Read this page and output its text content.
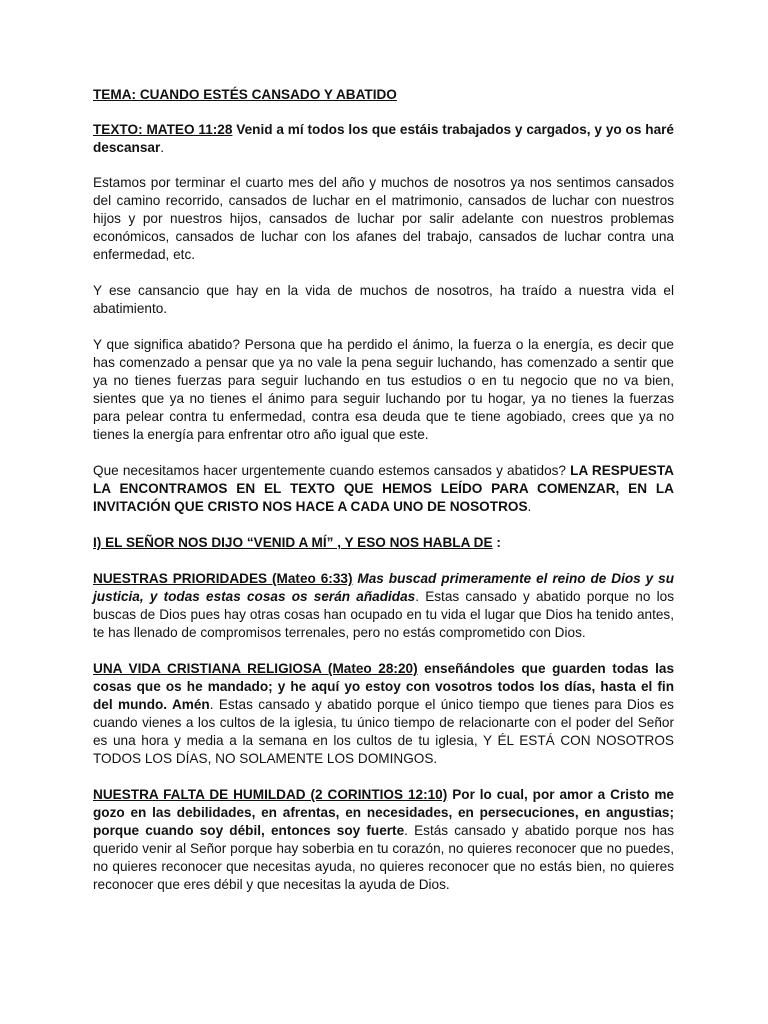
TEMA: CUANDO ESTÉS CANSADO Y ABATIDO

TEXTO: MATEO 11:28 Venid a mí todos los que estáis trabajados y cargados, y yo os haré descansar.

Estamos por terminar el cuarto mes del año y muchos de nosotros ya nos sentimos cansados del camino recorrido, cansados de luchar en el matrimonio, cansados de luchar con nuestros hijos y por nuestros hijos, cansados de luchar por salir adelante con nuestros problemas económicos, cansados de luchar con los afanes del trabajo, cansados de luchar contra una enfermedad, etc.

Y ese cansancio que hay en la vida de muchos de nosotros, ha traído a nuestra vida el abatimiento.

Y que significa abatido? Persona que ha perdido el ánimo, la fuerza o la energía, es decir que has comenzado a pensar que ya no vale la pena seguir luchando, has comenzado a sentir que ya no tienes fuerzas para seguir luchando en tus estudios o en tu negocio que no va bien, sientes que ya no tienes el ánimo para seguir luchando por tu hogar, ya no tienes la fuerzas para pelear contra tu enfermedad, contra esa deuda que te tiene agobiado, crees que ya no tienes la energía para enfrentar otro año igual que este.

Que necesitamos hacer urgentemente cuando estemos cansados y abatidos? LA RESPUESTA LA ENCONTRAMOS EN EL TEXTO QUE HEMOS LEÍDO PARA COMENZAR, EN LA INVITACIÓN QUE CRISTO NOS HACE A CADA UNO DE NOSOTROS.

I) EL SEÑOR NOS DIJO “VENID A MÍ” , Y ESO NOS HABLA DE :

NUESTRAS PRIORIDADES (Mateo 6:33) Mas buscad primeramente el reino de Dios y su justicia, y todas estas cosas os serán añadidas. Estas cansado y abatido porque no los buscas de Dios pues hay otras cosas han ocupado en tu vida el lugar que Dios ha tenido antes, te has llenado de compromisos terrenales, pero no estás comprometido con Dios.

UNA VIDA CRISTIANA RELIGIOSA (Mateo 28:20) enseñándoles que guarden todas las cosas que os he mandado; y he aquí yo estoy con vosotros todos los días, hasta el fin del mundo. Amén. Estas cansado y abatido porque el único tiempo que tienes para Dios es cuando vienes a los cultos de la iglesia, tu único tiempo de relacionarte con el poder del Señor es una hora y media a la semana en los cultos de tu iglesia, Y ÉL ESTÁ CON NOSOTROS TODOS LOS DÍAS, NO SOLAMENTE LOS DOMINGOS.

NUESTRA FALTA DE HUMILDAD (2 CORINTIOS 12:10) Por lo cual, por amor a Cristo me gozo en las debilidades, en afrentas, en necesidades, en persecuciones, en angustias; porque cuando soy débil, entonces soy fuerte. Estás cansado y abatido porque nos has querido venir al Señor porque hay soberbia en tu corazón, no quieres reconocer que no puedes, no quieres reconocer que necesitas ayuda, no quieres reconocer que no estás bien, no quieres reconocer que eres débil y que necesitas la ayuda de Dios.
